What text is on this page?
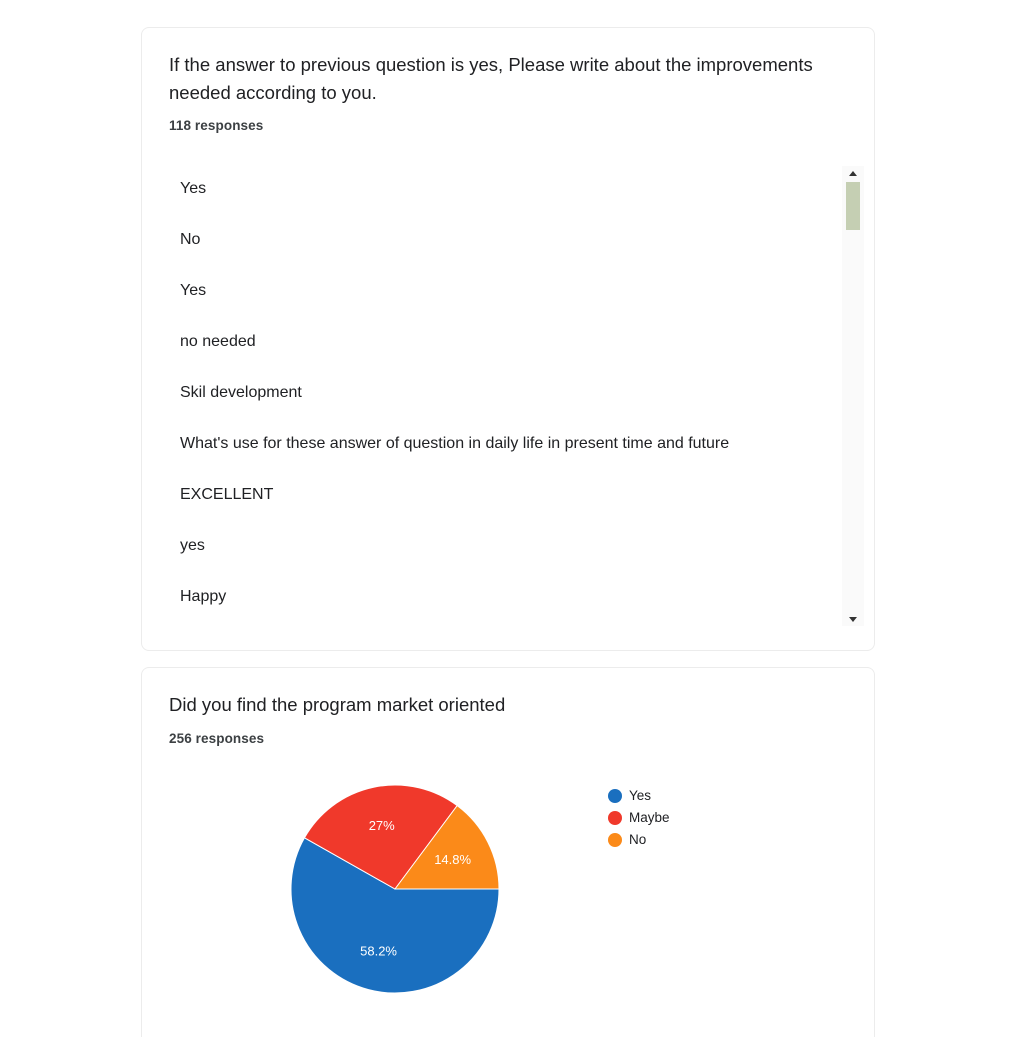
If the answer to previous question is yes, Please write about the improvements needed according to you.
118 responses
Yes
No
Yes
no needed
Skil development
What's use for these answer of question in daily life in present time and future
EXCELLENT
yes
Happy
Did you find the program market oriented
256 responses
58.2%
27%
14.8%
Yes
Maybe
No
